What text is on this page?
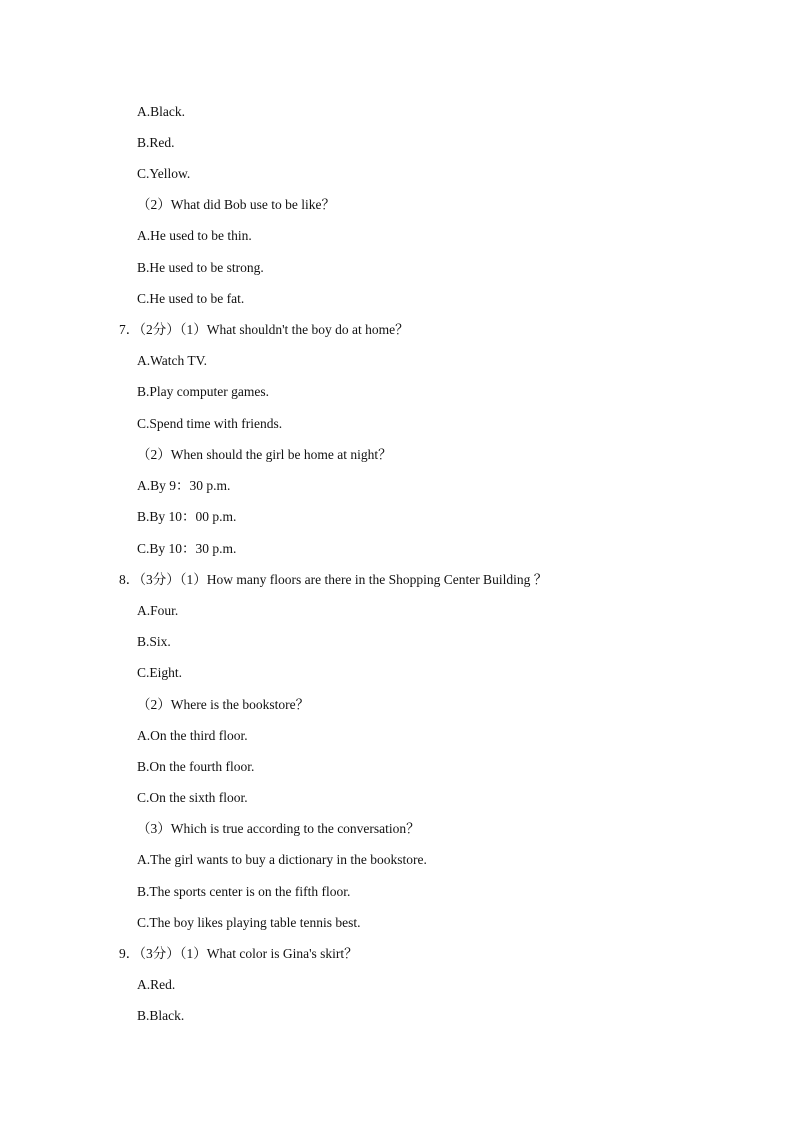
A.Black.
B.Red.
C.Yellow.
（2）What did Bob use to be like？
A.He used to be thin.
B.He used to be strong.
C.He used to be fat.
7．（2分）（1）What shouldn't the boy do at home？
A.Watch TV.
B.Play computer games.
C.Spend time with friends.
（2）When should the girl be home at night？
A.By 9：30 p.m.
B.By 10：00 p.m.
C.By 10：30 p.m.
8．（3分）（1）How many floors are there in the Shopping Center Building ？
A.Four.
B.Six.
C.Eight.
（2）Where is the bookstore？
A.On the third floor.
B.On the fourth floor.
C.On the sixth floor.
（3）Which is true according to the conversation？
A.The girl wants to buy a dictionary in the bookstore.
B.The sports center is on the fifth floor.
C.The boy likes playing table tennis best.
9．（3分）（1）What color is Gina's skirt？
A.Red.
B.Black.
